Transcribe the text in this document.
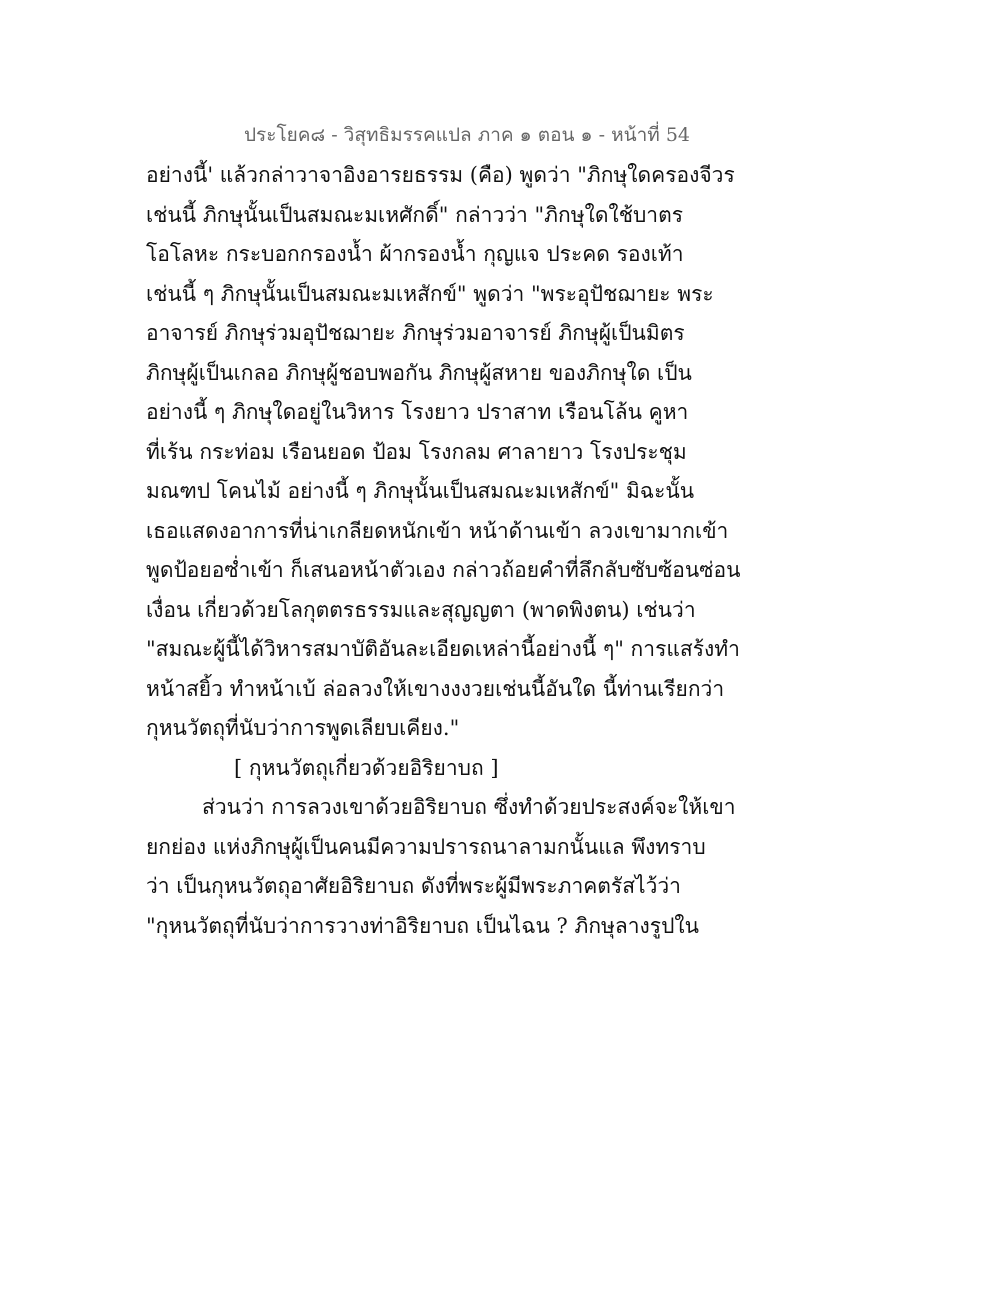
ประโยค๘ - วิสุทธิมรรคแปล ภาค ๑ ตอน ๑ - หน้าที่ 54
อย่างนี้' แล้วกล่าวาจาอิงอารยธรรม (คือ) พูดว่า "ภิกษุใดครองจีวร
เช่นนี้ ภิกษุนั้นเป็นสมณะมเหศักดิ์" กล่าวว่า "ภิกษุใดใช้บาตร
โอโลหะ กระบอกกรองน้ำ ผ้ากรองน้ำ กุญแจ ประคด รองเท้า
เช่นนี้ ๆ ภิกษุนั้นเป็นสมณะมเหสักข์" พูดว่า "พระอุปัชฌายะ พระ
อาจารย์ ภิกษุร่วมอุปัชฌายะ ภิกษุร่วมอาจารย์ ภิกษุผู้เป็นมิตร
ภิกษุผู้เป็นเกลอ ภิกษุผู้ชอบพอกัน ภิกษุผู้สหาย ของภิกษุใด เป็น
อย่างนี้ ๆ ภิกษุใดอยู่ในวิหาร โรงยาว ปราสาท เรือนโล้น คูหา
ที่เร้น กระท่อม เรือนยอด ป้อม โรงกลม ศาลายาว โรงประชุม
มณฑป โคนไม้ อย่างนี้ ๆ ภิกษุนั้นเป็นสมณะมเหสักข์" มิฉะนั้น
เธอแสดงอาการที่น่าเกลียดหนักเข้า หน้าด้านเข้า ลวงเขามากเข้า
พูดป้อยอซ่ำเข้า ก็เสนอหน้าตัวเอง กล่าวถ้อยคำที่ลึกลับซับซ้อนซ่อน
เงื่อน เกี่ยวด้วยโลกุตตรธรรมและสุญญตา (พาดพิงตน) เช่นว่า
"สมณะผู้นี้ได้วิหารสมาบัติอันละเอียดเหล่านี้อย่างนี้ ๆ" การแสร้งทำ
หน้าสยิ้ว ทำหน้าเบ้ ล่อลวงให้เขางงงวยเช่นนี้อันใด นี้ท่านเรียกว่า
กุหนวัตถุที่นับว่าการพูดเลียบเคียง."
[ กุหนวัตถุเกี่ยวด้วยอิริยาบถ ]
ส่วนว่า การลวงเขาด้วยอิริยาบถ ซึ่งทำด้วยประสงค์จะให้เขา
ยกย่อง แห่งภิกษุผู้เป็นคนมีความปรารถนาลามกนั้นแล พึงทราบ
ว่า เป็นกุหนวัตถุอาศัยอิริยาบถ ดังที่พระผู้มีพระภาคตรัสไว้ว่า
"กุหนวัตถุที่นับว่าการวางท่าอิริยาบถ เป็นไฉน ? ภิกษุลางรูปใน
